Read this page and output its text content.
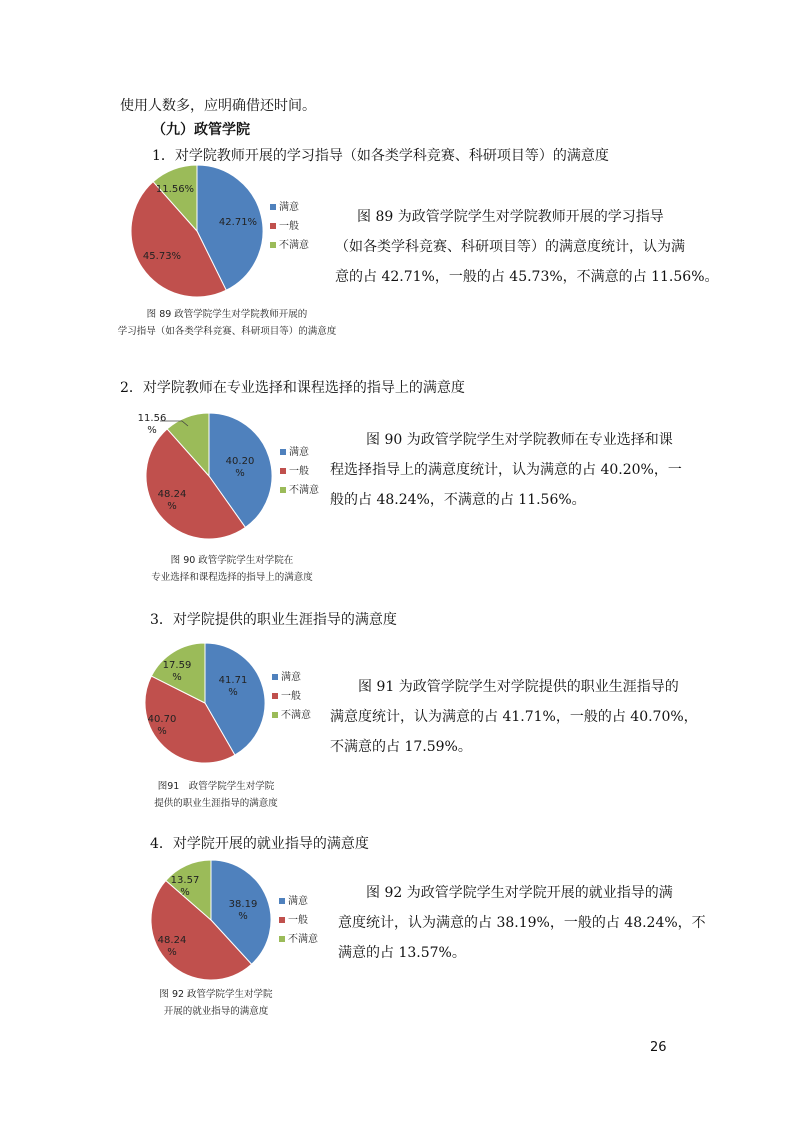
使用人数多，应明确借还时间。
（九）政管学院
1．对学院教师开展的学习指导（如各类学科竞赛、科研项目等）的满意度
42.71%
45.73%
11.56%
满意
一般
不满意
图 89 为政管学院学生对学院教师开展的学习指导
（如各类学科竞赛、科研项目等）的满意度统计，认为满
意的占 42.71%，一般的占 45.73%，不满意的占 11.56%。
图 89 政管学院学生对学院教师开展的
学习指导（如各类学科竞赛、科研项目等）的满意度
2．对学院教师在专业选择和课程选择的指导上的满意度
40.20 %
48.24 %
11.56 %
满意
一般
不满意
图 90 为政管学院学生对学院教师在专业选择和课
程选择指导上的满意度统计，认为满意的占 40.20%，一
般的占 48.24%，不满意的占 11.56%。
图 90 政管学院学生对学院在
专业选择和课程选择的指导上的满意度
3．对学院提供的职业生涯指导的满意度
41.71 %
40.70 %
17.59 %	满意
一般
不满意
图 91 为政管学院学生对学院提供的职业生涯指导的
满意度统计，认为满意的占 41.71%，一般的占 40.70%，
不满意的占 17.59%。
图91　政管学院学生对学院
提供的职业生涯指导的满意度
4．对学院开展的就业指导的满意度
38.19 %
48.24 %
13.57 %
满意
一般
不满意
图 92 为政管学院学生对学院开展的就业指导的满
意度统计，认为满意的占 38.19%，一般的占 48.24%，不
满意的占 13.57%。
图 92 政管学院学生对学院
开展的就业指导的满意度
26
